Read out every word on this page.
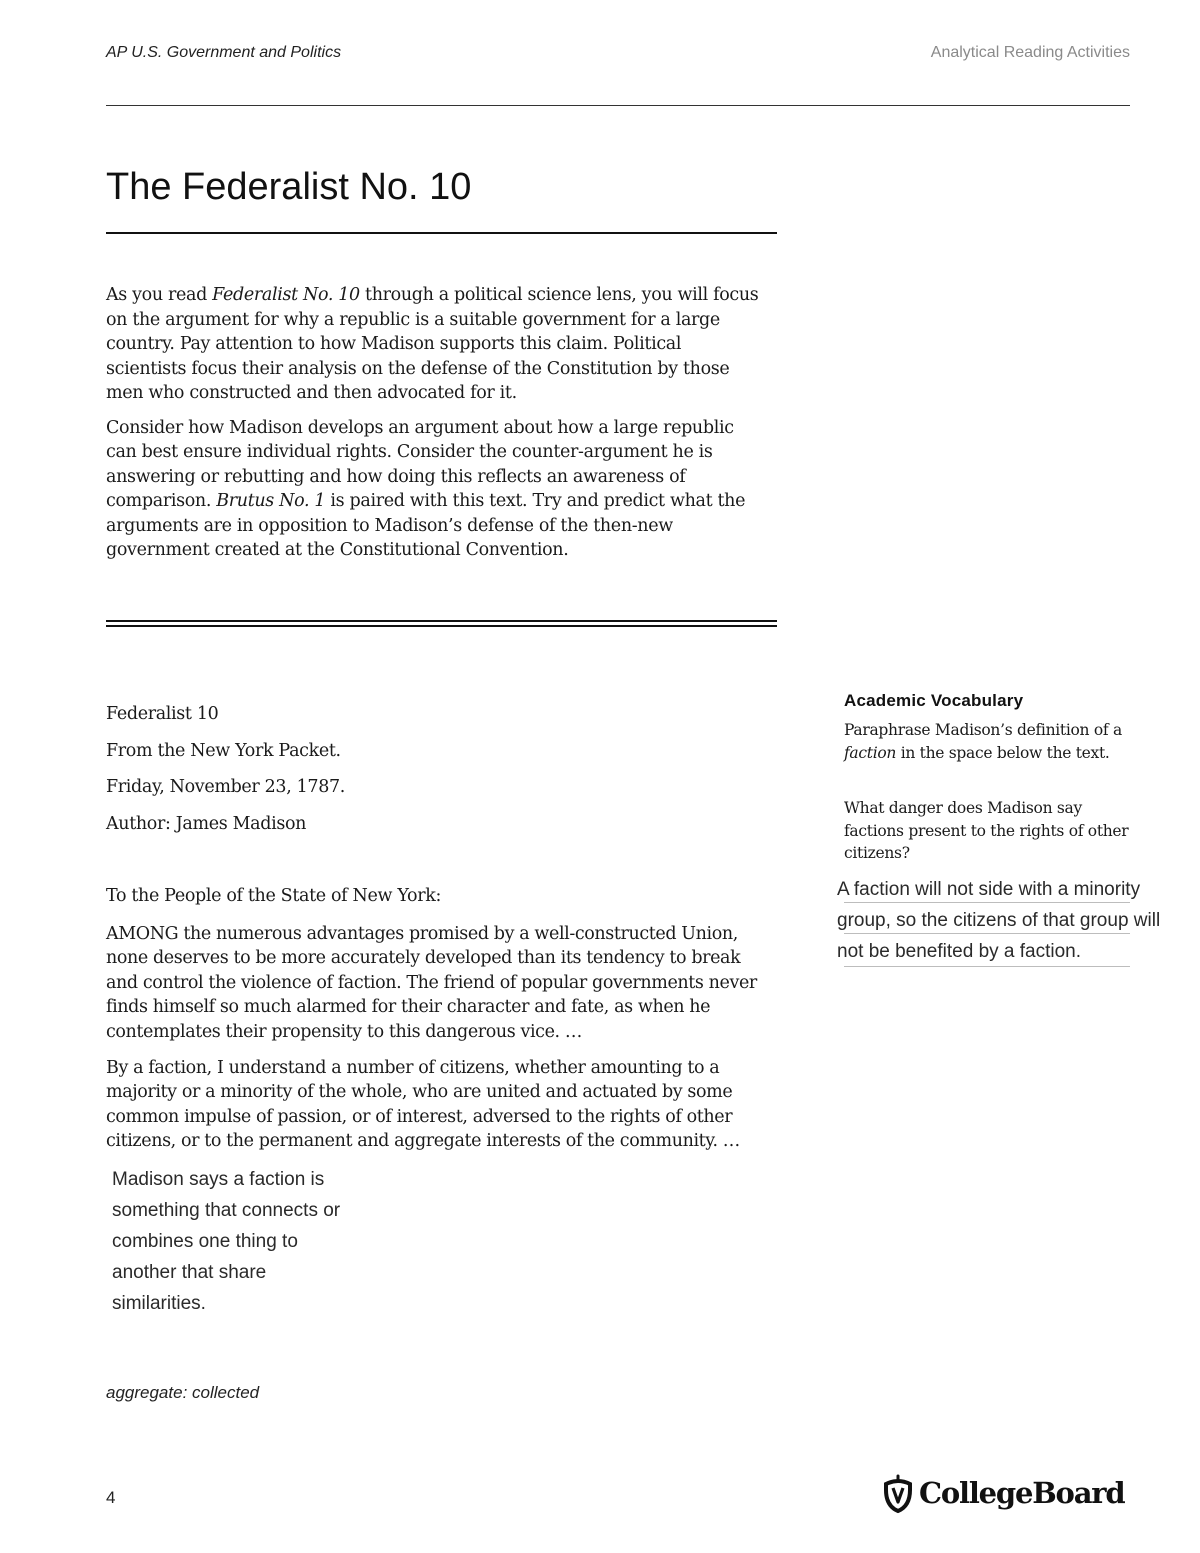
AP U.S. Government and Politics	Analytical Reading Activities
The Federalist No. 10

As you read Federalist No. 10 through a political science lens, you will focus on the argument for why a republic is a suitable government for a large country. Pay attention to how Madison supports this claim. Political scientists focus their analysis on the defense of the Constitution by those men who constructed and then advocated for it.

Consider how Madison develops an argument about how a large republic can best ensure individual rights. Consider the counter-argument he is answering or rebutting and how doing this reflects an awareness of comparison. Brutus No. 1 is paired with this text. Try and predict what the arguments are in opposition to Madison’s defense of the then-new government created at the Constitutional Convention.

Federalist 10
From the New York Packet.
Friday, November 23, 1787.
Author: James Madison
To the People of the State of New York:

AMONG the numerous advantages promised by a well-constructed Union, none deserves to be more accurately developed than its tendency to break and control the violence of faction. The friend of popular governments never finds himself so much alarmed for their character and fate, as when he contemplates their propensity to this dangerous vice. …

By a faction, I understand a number of citizens, whether amounting to a majority or a minority of the whole, who are united and actuated by some common impulse of passion, or of interest, adversed to the rights of other citizens, or to the permanent and aggregate interests of the community. …

Madison says a faction is
something that connects or
combines one thing to
another that share
similarities.
aggregate: collected
4	CollegeBoard
Academic Vocabulary
Paraphrase Madison’s definition of a faction in the space below the text.
What danger does Madison say factions present to the rights of other citizens?
A faction will not side with a minority group, so the citizens of that group will not be benefited by a faction.
